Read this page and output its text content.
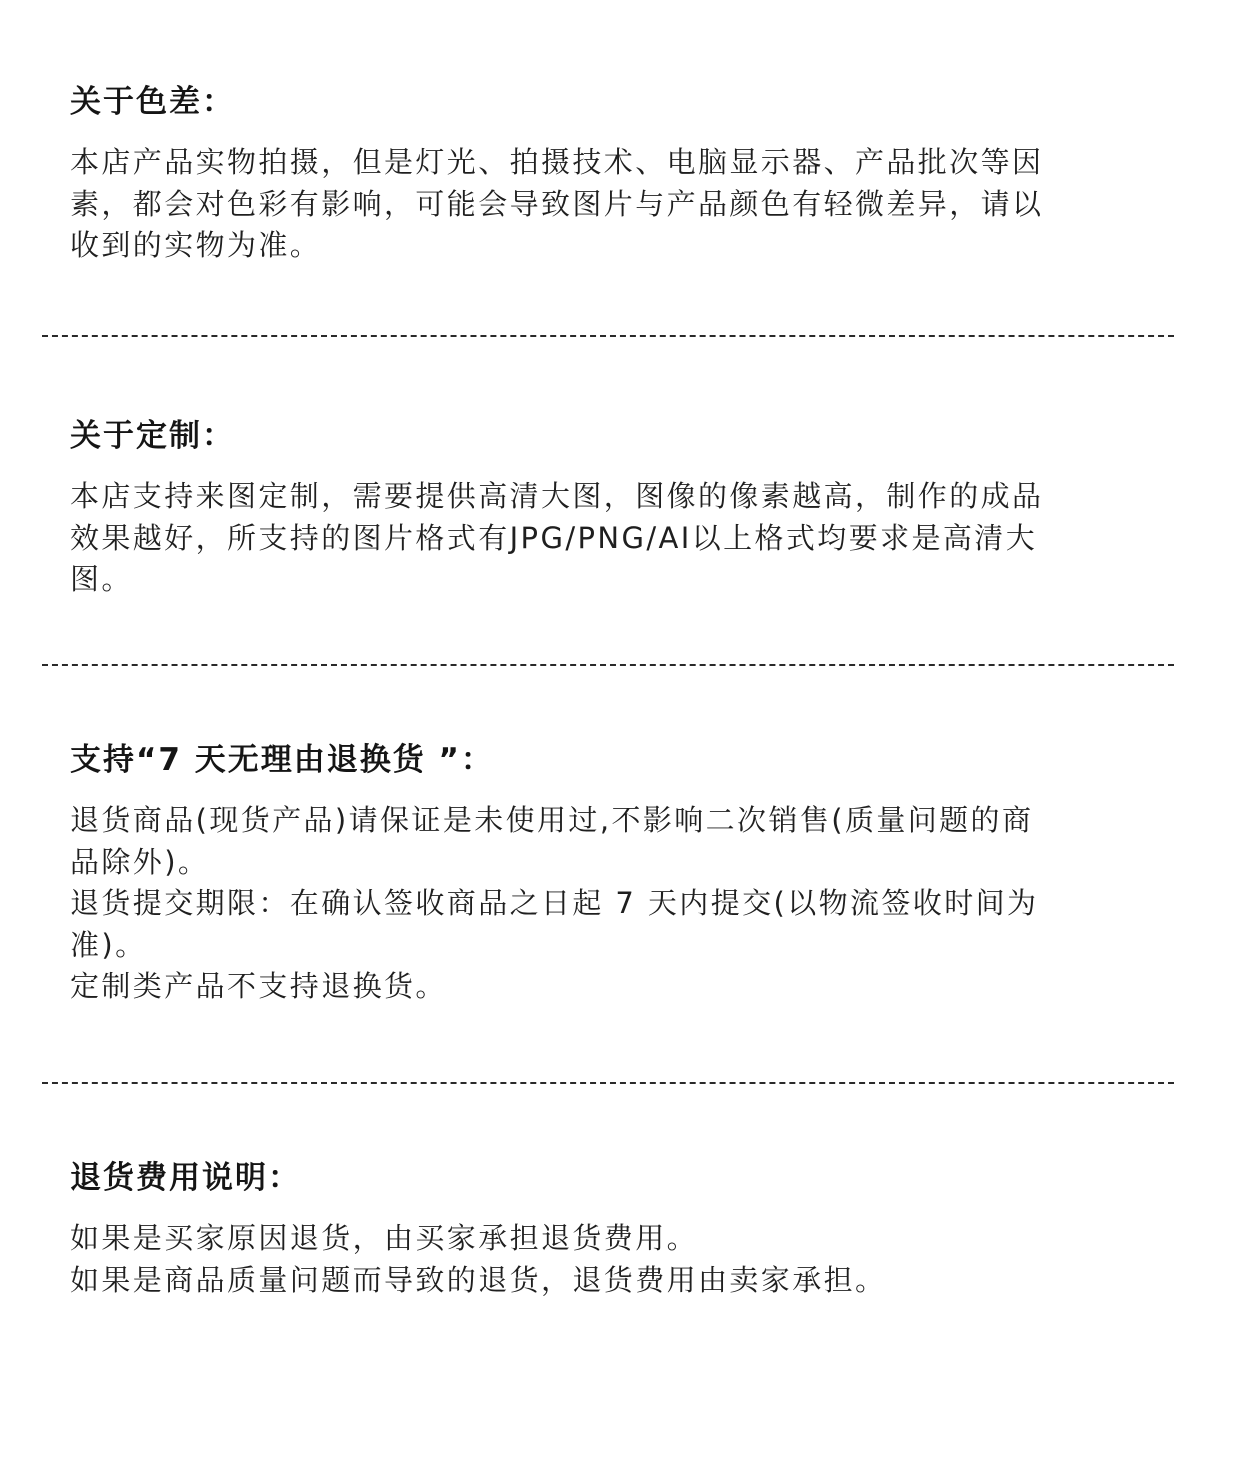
关于色差：
本店产品实物拍摄，但是灯光、拍摄技术、电脑显示器、产品批次等因
素，都会对色彩有影响，可能会导致图片与产品颜色有轻微差异，请以
收到的实物为准。
关于定制：
本店支持来图定制，需要提供高清大图，图像的像素越高，制作的成品
效果越好，所支持的图片格式有JPG/PNG/AI以上格式均要求是高清大
图。
支持“7 天无理由退换货 ”：
退货商品(现货产品)请保证是未使用过,不影响二次销售(质量问题的商
品除外)。
退货提交期限：在确认签收商品之日起 7 天内提交(以物流签收时间为
准)。
定制类产品不支持退换货。
退货费用说明：
如果是买家原因退货，由买家承担退货费用。
如果是商品质量问题而导致的退货，退货费用由卖家承担。
